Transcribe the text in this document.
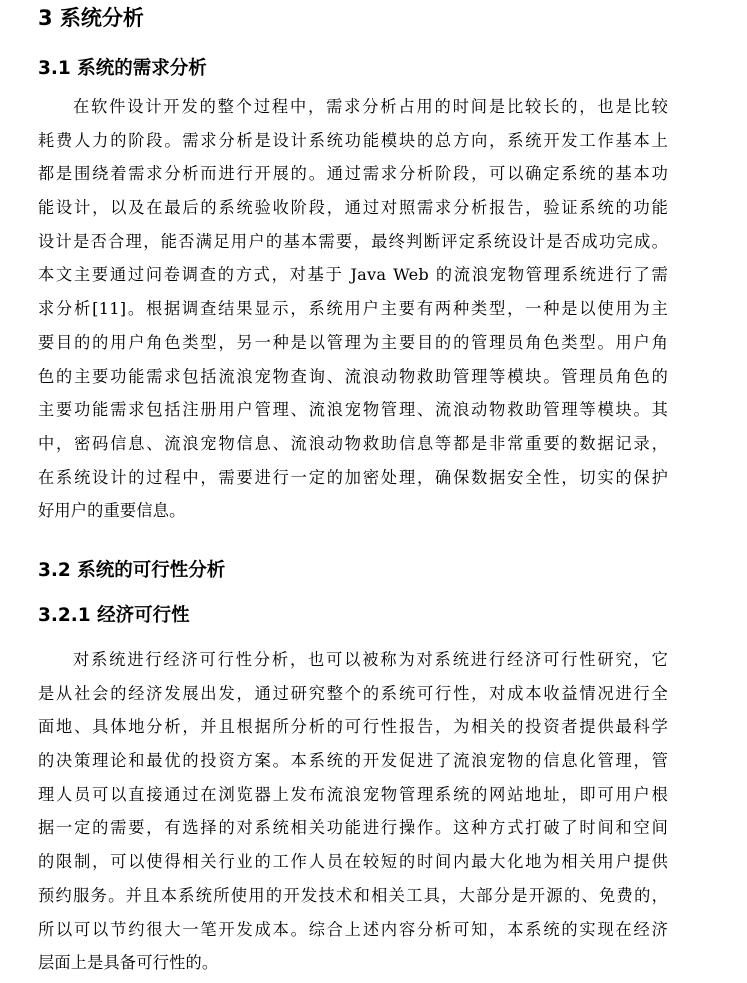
3 系统分析
3.1 系统的需求分析
在软件设计开发的整个过程中，需求分析占用的时间是比较长的，也是比较
耗费人力的阶段。需求分析是设计系统功能模块的总方向，系统开发工作基本上
都是围绕着需求分析而进行开展的。通过需求分析阶段，可以确定系统的基本功
能设计，以及在最后的系统验收阶段，通过对照需求分析报告，验证系统的功能
设计是否合理，能否满足用户的基本需要，最终判断评定系统设计是否成功完成。
本文主要通过问卷调查的方式，对基于 Java Web 的流浪宠物管理系统进行了需
求分析[11]。根据调查结果显示，系统用户主要有两种类型，一种是以使用为主
要目的的用户角色类型，另一种是以管理为主要目的的管理员角色类型。用户角
色的主要功能需求包括流浪宠物查询、流浪动物救助管理等模块。管理员角色的
主要功能需求包括注册用户管理、流浪宠物管理、流浪动物救助管理等模块。其
中，密码信息、流浪宠物信息、流浪动物救助信息等都是非常重要的数据记录，
在系统设计的过程中，需要进行一定的加密处理，确保数据安全性，切实的保护
好用户的重要信息。
3.2 系统的可行性分析
3.2.1 经济可行性
对系统进行经济可行性分析，也可以被称为对系统进行经济可行性研究，它
是从社会的经济发展出发，通过研究整个的系统可行性，对成本收益情况进行全
面地、具体地分析，并且根据所分析的可行性报告，为相关的投资者提供最科学
的决策理论和最优的投资方案。本系统的开发促进了流浪宠物的信息化管理，管
理人员可以直接通过在浏览器上发布流浪宠物管理系统的网站地址，即可用户根
据一定的需要，有选择的对系统相关功能进行操作。这种方式打破了时间和空间
的限制，可以使得相关行业的工作人员在较短的时间内最大化地为相关用户提供
预约服务。并且本系统所使用的开发技术和相关工具，大部分是开源的、免费的，
所以可以节约很大一笔开发成本。综合上述内容分析可知，本系统的实现在经济
层面上是具备可行性的。
